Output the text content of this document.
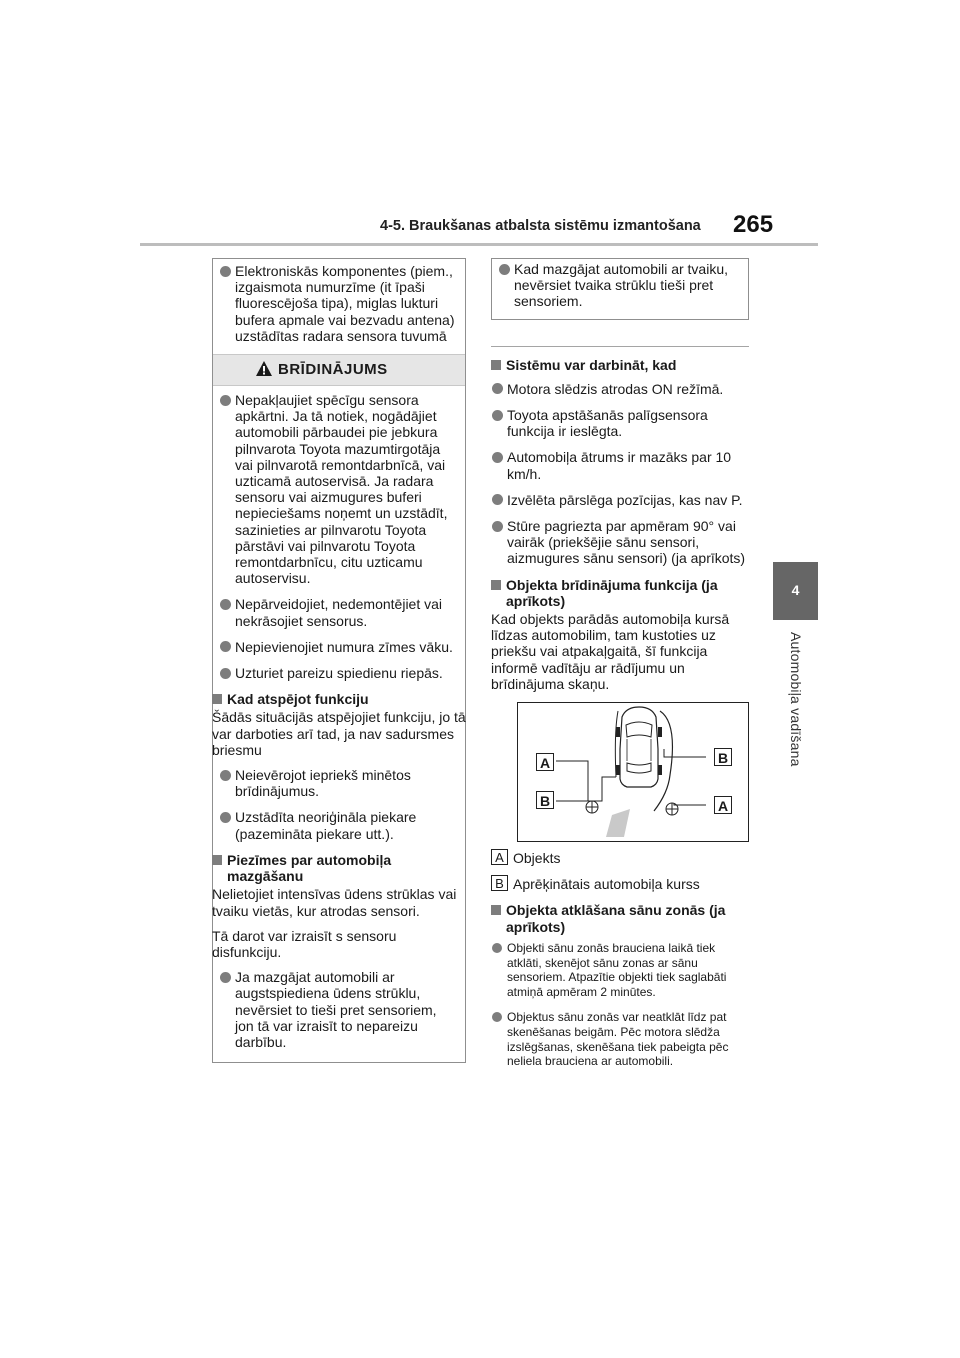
4-5. Braukšanas atbalsta sistēmu izmantošana 265
4
Automobiļa vadīšana
Elektroniskās komponentes (piem., izgaismota numurzīme (it īpaši fluorescējoša tipa), miglas lukturi bufera apmale vai bezvadu antena) uzstādītas radara sensora tuvumā
BRĪDINĀJUMS
Nepakļaujiet spēcīgu sensora apkārtni. Ja tā notiek, nogādājiet automobili pārbaudei pie jebkura pilnvarota Toyota mazumtirgotāja vai pilnvarotā remontdarbnīcā, vai uzticamā autoservisā. Ja radara sensoru vai aizmugures buferi nepieciešams noņemt un uzstādīt, sazinieties ar pilnvarotu Toyota pārstāvi vai pilnvarotu Toyota remontdarbnīcu, citu uzticamu autoservisu.
Nepārveidojiet, nedemontējiet vai nekrāsojiet sensorus.
Nepievienojiet numura zīmes vāku.
Uzturiet pareizu spiedienu riepās.
Kad atspējot funkciju
Šādās situācijās atspējojiet funkciju, jo tā var darboties arī tad, ja nav sadursmes briesmu
Neievērojot iepriekš minētos brīdinājumus.
Uzstādīta neoriģināla piekare (pazemināta piekare utt.).
Piezīmes par automobiļa mazgāšanu
Nelietojiet intensīvas ūdens strūklas vai tvaiku vietās, kur atrodas sensori.
Tā darot var izraisīt s sensoru disfunkciju.
Ja mazgājat automobili ar augstspiediena ūdens strūklu, nevērsiet to tieši pret sensoriem, jon tā var izraisīt to nepareizu darbību.
Kad mazgājat automobili ar tvaiku, nevērsiet tvaika strūklu tieši pret sensoriem.
Sistēmu var darbināt, kad
Motora slēdzis atrodas ON režīmā.
Toyota apstāšanās palīgsensora funkcija ir ieslēgta.
Automobiļa ātrums ir mazāks par 10 km/h.
Izvēlēta pārslēga pozīcijas, kas nav P.
Stūre pagriezta par apmēram 90° vai vairāk (priekšējie sānu sensori, aizmugures sānu sensori) (ja aprīkots)
Objekta brīdinājuma funkcija (ja aprīkots)
Kad objekts parādās automobiļa kursā līdzas automobilim, tam kustoties uz priekšu vai atpakaļgaitā, šī funkcija informē vadītāju ar rādījumu un brīdinājuma skaņu.
A
B
B
A
A Objekts
B Aprēķinātais automobiļa kurss
Objekta atklāšana sānu zonās (ja aprīkots)
Objekti sānu zonās brauciena laikā tiek atklāti, skenējot sānu zonas ar sānu sensoriem. Atpazītie objekti tiek saglabāti atmiņā apmēram 2 minūtes.
Objektus sānu zonās var neatklāt līdz pat skenēšanas beigām. Pēc motora slēdža izslēgšanas, skenēšana tiek pabeigta pēc neliela brauciena ar automobili.
